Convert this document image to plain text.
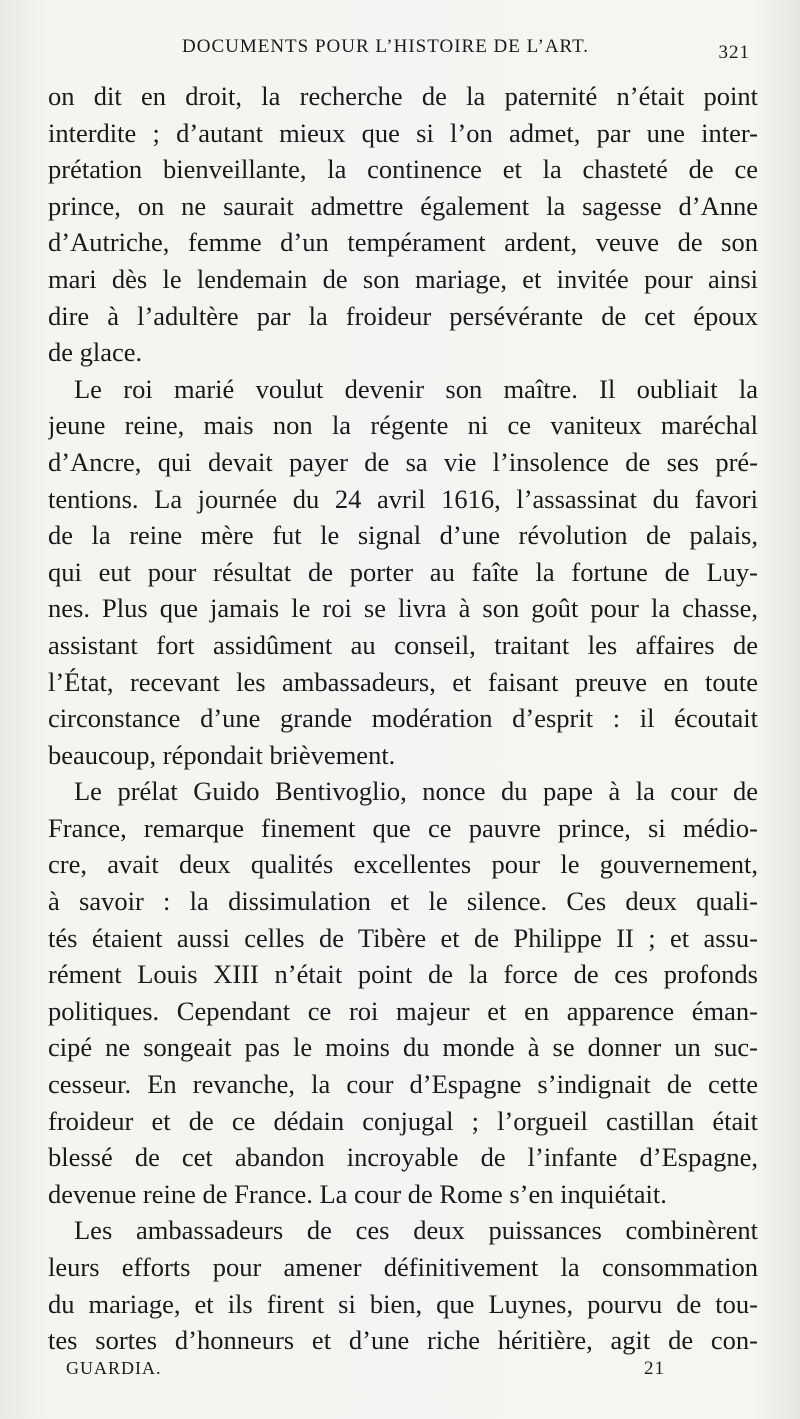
DOCUMENTS POUR L’HISTOIRE DE L’ART.	321
on dit en droit, la recherche de la paternité n’était point
interdite ; d’autant mieux que si l’on admet, par une inter-
prétation bienveillante, la continence et la chasteté de ce
prince, on ne saurait admettre également la sagesse d’Anne
d’Autriche, femme d’un tempérament ardent, veuve de son
mari dès le lendemain de son mariage, et invitée pour ainsi
dire à l’adultère par la froideur persévérante de cet époux
de glace.
Le roi marié voulut devenir son maître. Il oubliait la
jeune reine, mais non la régente ni ce vaniteux maréchal
d’Ancre, qui devait payer de sa vie l’insolence de ses pré-
tentions. La journée du 24 avril 1616, l’assassinat du favori
de la reine mère fut le signal d’une révolution de palais,
qui eut pour résultat de porter au faîte la fortune de Luy-
nes. Plus que jamais le roi se livra à son goût pour la chasse,
assistant fort assidûment au conseil, traitant les affaires de
l’État, recevant les ambassadeurs, et faisant preuve en toute
circonstance d’une grande modération d’esprit : il écoutait
beaucoup, répondait brièvement.
Le prélat Guido Bentivoglio, nonce du pape à la cour de
France, remarque finement que ce pauvre prince, si médio-
cre, avait deux qualités excellentes pour le gouvernement,
à savoir : la dissimulation et le silence. Ces deux quali-
tés étaient aussi celles de Tibère et de Philippe II ; et assu-
rément Louis XIII n’était point de la force de ces profonds
politiques. Cependant ce roi majeur et en apparence éman-
cipé ne songeait pas le moins du monde à se donner un suc-
cesseur. En revanche, la cour d’Espagne s’indignait de cette
froideur et de ce dédain conjugal ; l’orgueil castillan était
blessé de cet abandon incroyable de l’infante d’Espagne,
devenue reine de France. La cour de Rome s’en inquiétait.
Les ambassadeurs de ces deux puissances combinèrent
leurs efforts pour amener définitivement la consommation
du mariage, et ils firent si bien, que Luynes, pourvu de tou-
tes sortes d’honneurs et d’une riche héritière, agit de con-
GUARDIA.	21
